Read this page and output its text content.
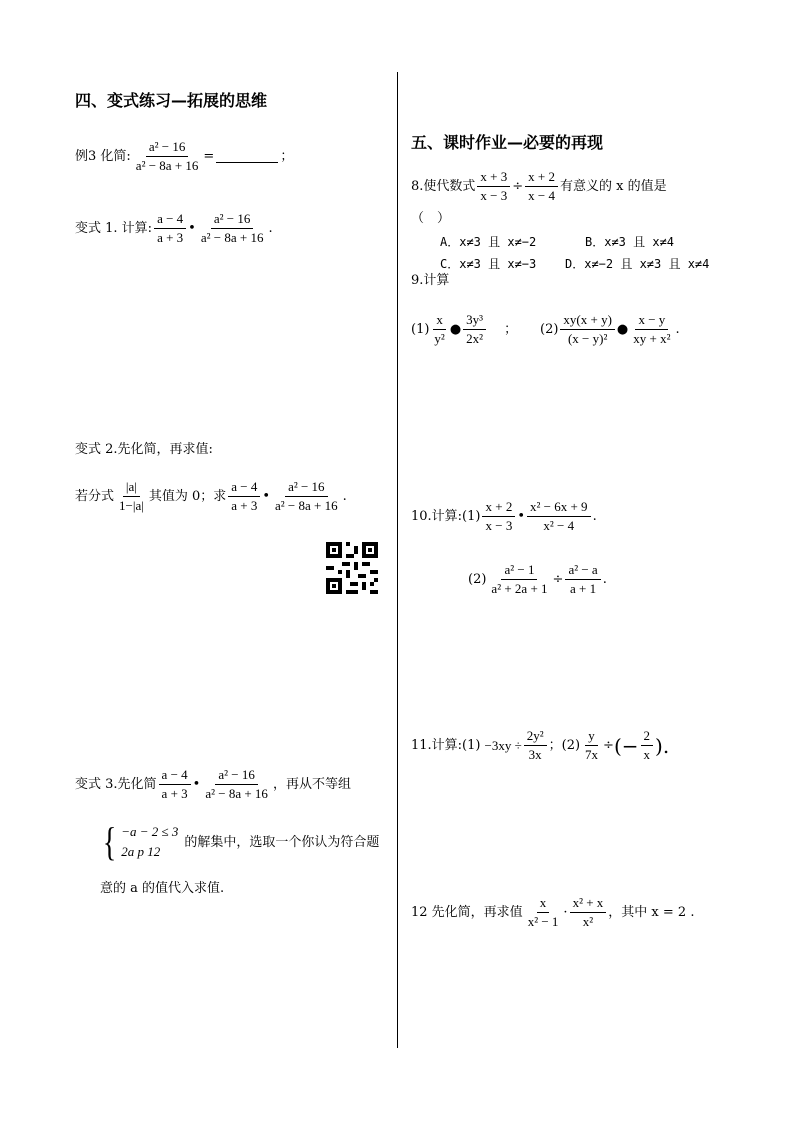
四、变式练习—拓展的思维
例3 化简: $\frac{\text{a² − 16}}{\text{a² − 8a + 16}}$ =	；
变式 1. 计算: $\frac{a - 4}{a + 3}$ • $\frac{\text{a² − 16}}{\text{a² − 8a + 16}}$ .
变式 2.先化简，再求值:
若分式 $\frac{|a|}{1-|a|}$ 其值为 0；求 $\frac{a - 4}{a + 3}$ • $\frac{\text{a² − 16}}{\text{a² − 8a + 16}}$ .
变式 3.先化简 $\frac{a - 4}{a + 3}$ • $\frac{\text{a² − 16}}{\text{a² − 8a + 16}}$ ，再从不等组
{ −a − 2 ≤ 3
2a p 12
的解集中，选取一个你认为符合题
意的 a 的值代入求值.
五、课时作业—必要的再现
8.使代数式 $\frac{x + 3}{x - 3} \div \frac{x + 2}{x - 4}$ 有意义的 x 的值是
（　）
A．x≠3 且 x≠−2	B．x≠3 且 x≠4
C．x≠3 且 x≠−3 D．x≠−2 且 x≠3 且 x≠4
9.计算
$(1) \frac{x}{\text{y²}}$ ● $\frac{\text{3y³}}{\text{2x²}}$ ； $(2) \frac{xy(x + y)}{\text{(x − y)²}}$ ● $\frac{x - y}{\text{xy + x²}}$ .
10.计算:(1) $\frac{x + 2}{x - 3}$ • $\frac{\text{x² − 6x + 9}}{\text{x² − 4}}$ .
$(2) \frac{\text{a² − 1}}{\text{a² + 2a + 1}} \div \frac{\text{a² − a}}{a + 1}$ .
11.计算:(1) $-3xy \div \frac{\text{2y²}}{3x}$ ； $(2) \frac{y}{7x}$ ÷ (− $\frac{2}{x}$ ).
12 先化简，再求值 $\frac{x}{\text{x² − 1}} \cdot \frac{\text{x² + x}}{\text{x²}}$ ，其中 x = 2 .
